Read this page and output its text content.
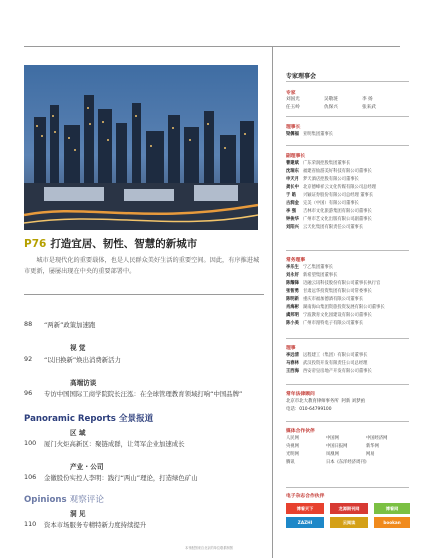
P76 打造宜居、韧性、智慧的新城市
城市是现代化的重要载体，也是人民群众美好生活的重要空间。因此，有序推进城市更新，屡屡出现在中央的重要部署中。
88	“两新”政策加速跑
视 觉
92	“以旧换新”焕出消费新活力
高端访谈
96	专访中国国际工商学院院长汪泓：在全球管理教育领域打响“中国品牌”
Panoramic Reports 全景报道
区 域
100	厦门火炬高新区：聚链成群，让驾军企业加速成长
产业 · 公司
106	金徽股份实控人李明：践行“两山”理论，打造绿色矿山
Opinions 观察评论
洞 见
110	资本市场服务专精特新力度持续提升
专家理事会
专家
刘国光	吴敬琏	李 扬
任玉岭	仇保兴	张来武
理事长
梁儒福 亚明集团董事长
副理事长
曹建斌 广东荣润控股集团董事长
沈瑞东 福建省仙游美好科技有限公司董事长
申天月 梦天酒店控股有限公司董事长
龚长中 北京德峰祥云文化传媒有限公司总经理
于 皓 兴颖证券股份有限公司总经理 董事长
古润金 完美（中国）有限公司董事长
李 强 吉林市文化旅游集团有限公司董事长
钟俊华 广州市艺文化出版有限公司副董事长
刘阳兴 云天化集团有限责任公司董事长
常务理事
李乐生 宁乙集团董事长
刘永好 新希望集团董事长
陈耀锋 迈融云讯科技股份有限公司董事长执行官
张智勇 甘肃远华投资集团有限公司常委事长
陈明新 重庆市福加德酒有限公司董事长
肖海彬 湖南海山集团资旅投资发展有限公司董事长
虞邦明 宁波教育文化园建设有限公司董事长
陈小美 广州市漫特电子有限公司董事长
理事
李远清 远程建工（集团）有限公司董事长
马春林 武汉投资开发有限责任公司总经理
王西海 西安帝皇房地产开发有限公司董事长
常年法律顾问
北京市北大教育律师事务所 阿新 刘梦函
电话：010-64799100
媒体合作伙伴
人民网	中国网	中国经济网
央视网	中国日报网	新华网
光明网	凤凰网	网易
腾讯	日本《东洋经济周刊》
电子杂志合作伙伴
博看天下	龙源期刊网
ZAZHI	云阅读
博看网
bookan
本刊配图来自北京的单位联系制图
